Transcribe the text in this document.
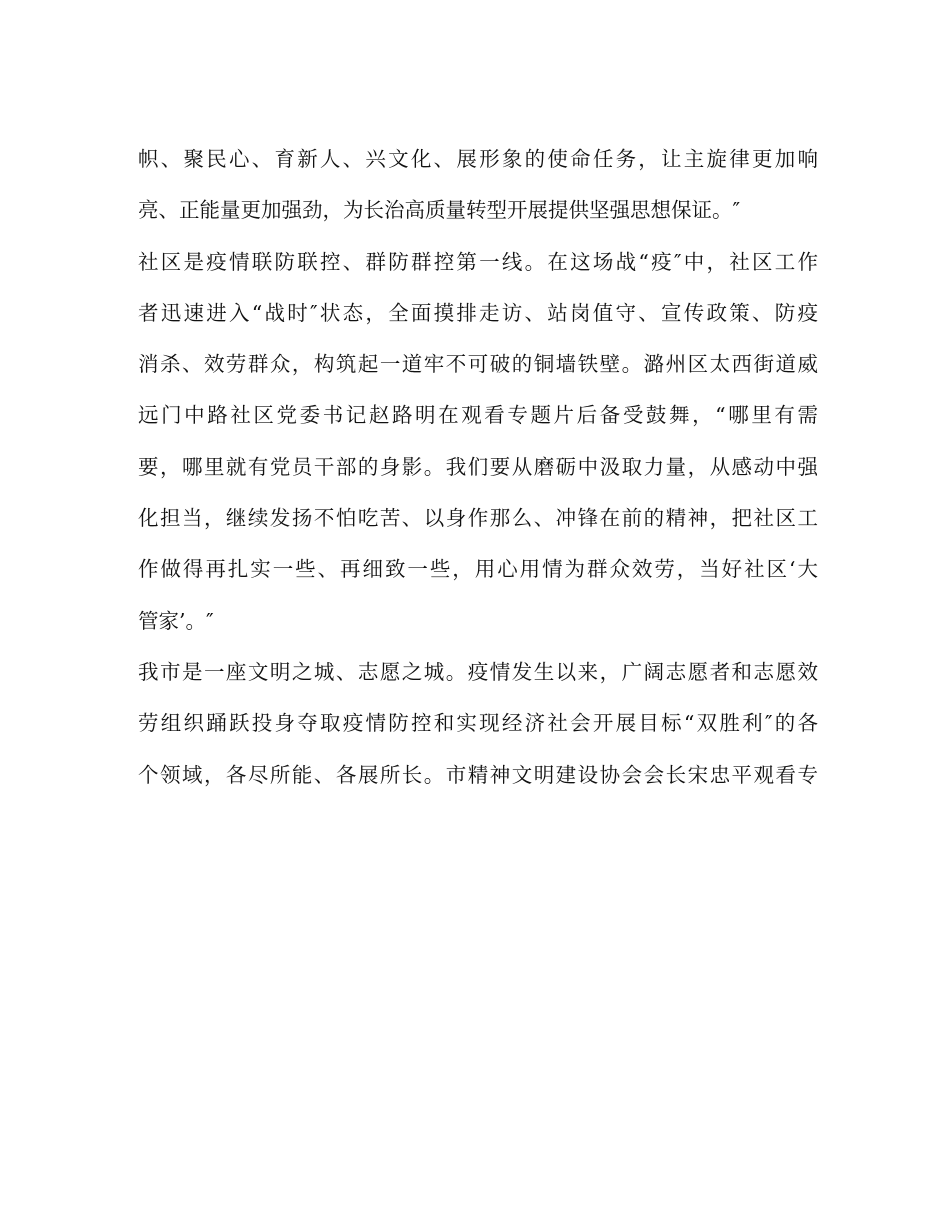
帜、聚民心、育新人、兴文化、展形象的使命任务，让主旋律更加响
亮、正能量更加强劲，为长治高质量转型开展提供坚强思想保证。″
社区是疫情联防联控、群防群控第一线。在这场战“疫″中，社区工作
者迅速进入“战时″状态，全面摸排走访、站岗值守、宣传政策、防疫
消杀、效劳群众，构筑起一道牢不可破的铜墙铁壁。潞州区太西街道威
远门中路社区党委书记赵路明在观看专题片后备受鼓舞，“哪里有需
要，哪里就有党员干部的身影。我们要从磨砺中汲取力量，从感动中强
化担当，继续发扬不怕吃苦、以身作那么、冲锋在前的精神，把社区工
作做得再扎实一些、再细致一些，用心用情为群众效劳，当好社区‘大
管家’。″
我市是一座文明之城、志愿之城。疫情发生以来，广阔志愿者和志愿效
劳组织踊跃投身夺取疫情防控和实现经济社会开展目标“双胜利″的各
个领域，各尽所能、各展所长。市精神文明建设协会会长宋忠平观看专
